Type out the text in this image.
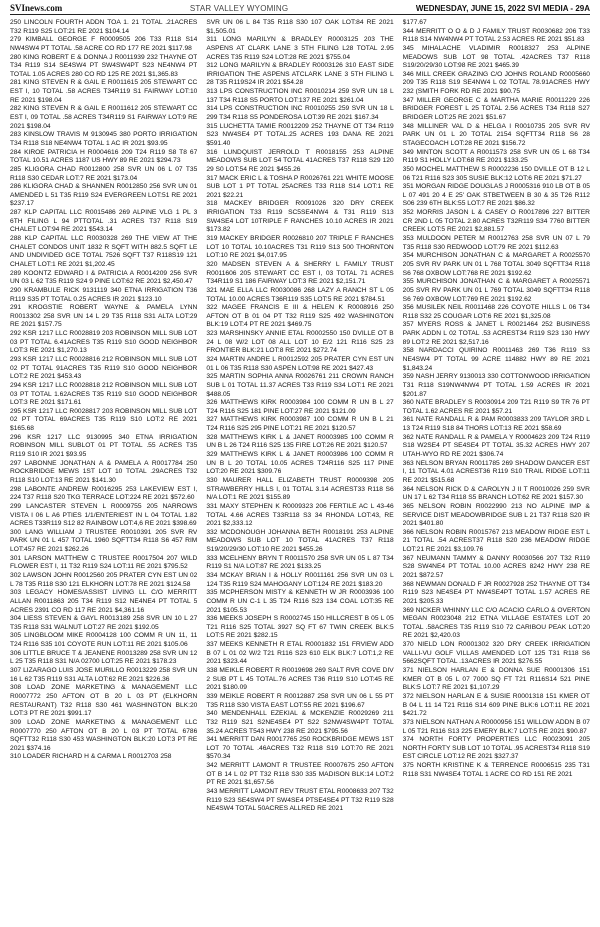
SVInews.com	STAR VALLEY WYOMING	WEDNESDAY, JUNE 15, 2022 SVI MEDIA - 29A

250 LINCOLN FOURTH ADDN TOA 1. 21 TOTAL .21ACRES T32 R119 S25 LOT:21 RE 2021 $104.14

279 KIMBALL GEORGE F R0009505 206 T33 R118 S14 NW4SW4 PT TOTAL .58 ACRE CO RD 177 RE 2021 $117.98

280 KING ROBERT E & DONNA J R0011939 232 THAYNE OT T34 R119 S14 SE4SW4 PT SW4SW4PT S23 NE4NW4 PT TOTAL 1.05 ACRES 280 CO RD 125 RE 2021 $1,365.83

281 KING STEVEN R & GAIL E R0011615 205 STEWART CC EST I, 10 TOTAL .58 ACRES T34R119 S1 FAIRWAY LOT:10 RE 2021 $198.04

282 KING STEVEN R & GAIL E R0011612 205 STEWART CC EST I, 09 TOTAL .58 ACRES T34R119 S1 FAIRWAY LOT:9 RE 2021 $198.04

283 KINSLOW TRAVIS M 9130945 380 PORTO IRRIGATION T34 R118 S18 NE4NW4 TOTAL 1 AC IR 2021 $93.95

284 KIROE PATRICIA H R0004616 209 T24 R119 S8 T8 67 TOTAL 10.51 ACRES 1187 US HWY 89 RE 2021 $294.73

285 KLIGORA CHAD R0012800 258 SVR UN 06 L 07 T35 R118 S30 CEDAR LOT:7 RE 2021 $173.04

286 KLIGORA CHAD & SHANNEN R0012850 256 SVR UN 01 AMENDED L 51 T35 R119 S24 EVERGREEN LOT:51 RE 2021 $237.17

287 KLP CAPITAL LLC R0015486 269 ALPINE VLG 1 PL 3 6TH FILING L 94 PTTOTAL .31 ACRES T37 R118 S19 CHALET LOT:94 RE 2021 $543.14

288 KLP CAPITAL LLC R0030328 269 THE VIEW AT THE CHALET CONDOS UNIT 1832 R SQFT WITH 882.5 SQFT LE AND UNDIVIDED GCE TOTAL 7526 SQFT T37 R118S19 121 CHALET LOT:1 RE 2021 $1,202.45

289 KOONTZ EDWARD I & PATRICIA A R0014209 256 SVR UN 03 L 62 T35 R119 S24 9 PINE LOT:62 RE 2021 $2,450.47

290 KRAMBULE RICK 9131119 340 ETNA IRRIGATION T36 R119 S35 PT TOTAL 0.25 ACRES IR 2021 $123.10

291 KROGSTIE ROBERT WAYNE & PAMELA LYNN R0013302 258 SVR UN 14 L 29 T35 R118 S31 ALTA LOT:29 RE 2021 $157.75

292 KSR 1217 LLC R0028819 203 ROBINSON MILL SUB LOT 03 PT TOTAL 6.41ACRES T35 R119 S10 GOOD NEIGHBOR LOT:3 RE 2021 $1,270.13

293 KSR 1217 LLC R0028816 212 ROBINSON MILL SUB LOT 02 PT TOTAL 91ACRES T35 R119 S10 GOOD NEIGHBOR LOT:2 RE 2021 $453.43

294 KSR 1217 LLC R0028818 212 ROBINSON MILL SUB LOT 03 PT TOTAL 1.62ACRES T35 R119 S10 GOOD NEIGHBOR LOT:3 RE 2021 $171.61

295 KSR 1217 LLC R0028817 203 ROBINSON MILL SUB LOT 02 PT TOTAL 69ACRES T35 R119 S10 LOT:2 RE 2021 $165.68

296 KSR 1217 LLC 9130995 340 ETNA IRRIGATION ROBINSON MILL SUBLOT 01 PT TOTAL .55 ACRES T35 R119 S10 IR 2021 $93.95

297 LABONNE JONATHAN A & PAMELA A R0017784 250 ROCKBRIDGE MEWS 1ST LOT 10 TOTAL .29ACRES T32 R118 S10 LOT:13 RE 2021 $141.30

298 LABONTE ANDREW R0016295 253 LAKEVIEW EST I, 224 T37 R118 S20 TKG TERRACE LOT:224 RE 2021 $572.60

299 LANCASTER STEVEN L R0009755 205 NARROWS VISTA I 06 L A6 PTIES 1/1/ENTERIEST IN L 04 TOTAL 1.82 ACRES T33R119 S12 82 RAINBOW LOT:4,6 RE 2021 $398.69

300 LANG WILLIAM J TRUSTEE R0010391 205 SVR RV PARK UN 01 L 457 TOTAL 1960 SQFTT34 R118 S6 457 RIM LOT:457 RE 2021 $262.26

301 LARSON MATTHEW C TRUSTEE R0017504 207 WILD FLOWER EST I, 11 T32 R119 S24 LOT:11 RE 2021 $795.52

302 LAWSON JOHN R0012560 205 PRATER CYN EST UN 02 L 78 T35 R118 S30 121 ELKHORN LOT:78 RE 2021 $124.58

303 LEGACY HOMES/ASSIST LIVING LL C/O MERRITT ALLAN R0011863 205 T34 R119 S12 NE4NE4 PT TOTAL 5 ACRES 2391 CO RD 117 RE 2021 $4,361.16

304 LIESS STEVEN & GAYL R0013189 258 SVR UN 10 L 27 T35 R118 S31 WALNUT LOT:27 RE 2021 $192.05

305 LINGBLOOM MIKE R0004128 100 COMM R UN 11, 11 T24 R116 S35 101 COYOTE RUN LOT:11 RE 2021 $105.06

306 LITTLE BRUCE T & JEANENE R0013289 258 SVR UN 12 L 25 T35 R118 S31 N/A 02700 LOT:25 RE 2021 $178.23

307 LIZARAGO LUIS JOSE MURILLO R0013229 258 SVR UN 16 L 62 T35 R119 S31 ALTA LOT:62 RE 2021 $226.36

308 LOAD ZONE MARKETING & MANAGEMENT LLC R0007772 250 AFTON OT B 20 L 03 PT (ELKHORN RESTAURANT) T32 R118 S30 461 WASHINGTON BLK:20 LOT:3 PT RE 2021 $991.17

309 LOAD ZONE MARKETING & MANAGEMENT LLC R0007770 250 AFTON OT B 20 L 03 PT TOTAL 6786 SQFTT32 R118 S30 453 WASHINGTON BLK:20 LOT:3 PT RE 2021 $374.16

310 LOADER RICHARD H & CARMA L R0012703 258

SVR UN 06 L 84 T35 R118 S30 107 OAK LOT:84 RE 2021 $1,505.01

311 LONG MARILYN & BRADLEY R0003125 203 THE ASPENS AT CLARK LANE 3 5TH FILING L28 TOTAL 2.95 ACRES T35 R119 S24 LOT:28 RE 2021 $755.04

312 LONG MARILYN & BRADLEY R0003126 310 EAST SIDE IRRIGATION THE ASPENS ATCLARK LANE 3 5TH FILING L 28 T35 R119S24 IR 2021 $54.28

313 LPS CONSTRUCTION INC R0010214 259 SVR UN 18 L 137 T34 R118 S5 PORTO LOT:137 RE 2021 $261.04

314 LPS CONSTRUCTION INC R0010255 259 SVR UN 18 L 299 T34 R118 S5 PONDEROSA LOT:39 RE 2021 $167.34

315 LUCHETTA TAMIE R0012209 252 THAYNE OT T34 R119 S23 NW4SE4 PT TOTAL.25 ACRES 193 DANA RE 2021 $591.40

316 LUNDQUIST JERROLD T R0018155 253 ALPINE MEADOWS SUB LOT 54 TOTAL 41ACRES T37 R118 S29 120 29 S0 LOT:54 RE 2021 $455.26

317 MACK ERIC L & TOSHA P R0026761 221 WHITE MOOSE SUB LOT 1 PT TOTAL 25ACRES T33 R118 S14 LOT:1 RE 2021 $22.21

318 MACKEY BRIDGER R0091026 320 DRY CREEK IRRIGATION T33 R119 SC5SE4NW4 & T31 R119 S13 SW4SE4 LOT 10TRIPLE F RANCHES 10.10 ACRES IR 2021 $173.82

319 MACKEY BRIDGER R0026810 207 TRIPLE F RANCHES LOT 10 TOTAL 10.10ACRES T31 R119 S13 500 THORNTON LOT:10 RE 2021 $4,017.95

320 MADSEN STEVEN A & SHERRY L FAMILY TRUST R0011606 205 STEWART CC EST I, 03 TOTAL 71 ACRES T34R119 S1 186 FAIRWAY LOT:3 RE 2021 $2,151.71

321 MAE ELLA LLC R0030086 268 LAZY A RANCH ST L 05 TOTAL 10.00 ACRES T36R119 S35 LOT:5 RE 2021 $784.51

322 MAGEE FRANCIS E III & HELEN K R0008916 250 AFTON OT B 01 04 PT T32 R119 S25 492 WASHINGTON BLK:19 LOT:4 PT RE 2021 $469.75

323 MARSHINSKY ANNIE ETAL R0002550 150 DVILLE OT B 24 L 08 W/2 LOT 08 ALL LOT 10 E/2 121 R116 S25 23 FRONTIER BLK:21 LOT:8 RE 2021 $272.74

324 MARTIN ANDRE L R0012592 205 PRATER CYN EST UN 01 L 06 T35 R118 S30 ASPEN LOT:98 RE 2021 $427.43

325 MARTIN SOPHIA ANNA R0026761 211 CROWN RANCH SUB L 01 TOTAL 11.37 ACRES T33 R119 S34 LOT:1 RE 2021 $488.05

326 MATTHEWS KIRK R0003984 100 COMM R UN B L 27 T24 R116 S25 181 PINE LOT:27 RE 2021 $121.09

327 MATTHEWS KIRK R0003987 100 COMM R UN B L 21 T24 R116 S25 295 PINE LOT:21 RE 2021 $120.57

328 MATTHEWS KIRK L & JANET R0003985 100 COMM R UN B L 26 T24 R116 S25 135 FIRE LOT:26 RE 2021 $120.57

329 MATTHEWS KIRK L & JANET R0003986 100 COMM R UN B L 20 TOTAL 10.05 ACRES T24R116 S25 117 PINE LOT:20 RE 2021 $309.76

330 MAURER HALL ELIZABETH TRUST R0009398 205 STRAWBERRY HILLS I, 01 TOTAL 3.14 ACREST33 R118 S6 N/A LOT:1 RE 2021 $155.89

331 MAXY STEPHEN K R0009323 206 FERTILE AC L 43-46 TOTAL 4.66 ACRES T33R118 S3 34 RHONDA LOT:43, RE 2021 $2,333.12

332 MCDONOUGH JOHANNA BETH R0018191 253 ALPINE MEADOWS SUB LOT 10 TOTAL 41ACRES T37 R118 S19/20/29/30 LOT:10 RE 2021 $455.26

333 MCELHENY BRYN T R0011570 258 SVR UN 05 L 87 T34 R119 S1 N/A LOT:87 RE 2021 $133.25

334 MCKAY BRIAN I & HOLLY R0011161 256 SVR UN 03 L 124 T35 R119 S24 MAHOGANY LOT:124 RE 2021 $183.20

335 MCPHERSON MISTY & KENNETH W JR R0003936 100 COMM R UN C-1 L 35 T24 R116 S23 134 COAL LOT:35 RE 2021 $105.53

336 MEEKS JOSEPH S R0002745 150 HILLCREST B 05 L 05 T21 R116 S25 TOTAL 3927 SQ FT 67 TWIN CREEK BLK:5 LOT:5 RE 2021 $282.15

337 MEEKS KENNETH R ETAL R0001832 151 FRVIEW ADD B 07 L 01 02 W/2 T21 R116 S23 610 ELK BLK:7 LOT:1,2 RE 2021 $323.44

338 MEIKLE ROBERT R R0019698 269 SALT RVR COVE DIV 2 SUB PT L 45 TOTAL.76 ACRES T36 R119 S10 LOT:45 RE 2021 $180.09

339 MEIKLE ROBERT R R0012887 258 SVR UN 06 L 55 PT T35 R118 S30 VISTA EAST LOT:55 RE 2021 $196.67

340 MENDENHALL EZEKIAL & MCKENZIE R0029269 211 T32 R119 S21 S2NE4SE4 PT S22 S2NW4SW4PT TOTAL 35.24 ACRES T543 HWY 238 RE 2021 $795.56

341 MERRITT DAN R0017765 250 ROCKBRIDGE MEWS 1ST LOT 70 TOTAL .46ACRES T32 R118 S19 LOT:70 RE 2021 $570.34

342 MERRITT LAMONT R TRUSTEE R0007675 250 AFTON OT B 14 L 02 PT T32 R118 S30 335 MADISON BLK:14 LOT:2 PT RE 2021 $1,657.56

343 MERRITT LAMONT REV TRUST ETAL R0008633 207 T32 R119 S23 SE4SW4 PT SW4SE4 PTSE4SE4 PT T32 R119 S28 NE4SW4 TOTAL 50ACRES ALLRED RE 2021

$177.67

344 MERRITT O O & D J FAMILY TRUST R0030682 206 T33 R118 S14 NW4NW4 PT TOTAL 2.53 ACRES RE 2021 $51.83

345 MIHALACHE VLADIMIR R0018327 253 ALPINE MEADOWS SUB LOT 98 TOTAL .42ACRES T37 R118 S19/20/29/30 LOT:98 RE 2021 $465.39

346 MILL CREEK GRAZING C/O JOHNS ROLAND R0005660 209 T35 R118 S19 SE4NW4 L 02 TOTAL 78.91ACRES HWY 232 (SMITH FORK RD RE 2021 $90.75

347 MILLER GEORGE C & MARTHA MARIE R0011229 226 BRIDGER FOREST L 25 TOTAL 2.56 ACRES T34 R118 S27 BRIDGER LOT:25 RE 2021 $51.67

348 MILLINER VAL D & HELGA I R0010735 205 SVR RV PARK UN 01 L 20 TOTAL 2154 SQFTT34 R118 S6 28 STAGECOACH LOT:28 RE 2021 $156.72

349 MINTON SCOTT A R0011573 258 SVR UN 05 L 68 T34 R119 S1 HOLLY LOT:68 RE 2021 $133.25

350 MOCHEL MATTHEW S R0002236 150 DVILLE OT B 12 L 06 T21 R116 S23 305 SUSIE BLK:12 LOT:6 RE 2021 $71.27

351 MORGAN RIDGE DOUGLAS J R0005316 910 LB OT B 05 L 07 491 20 4 E 25' OAK STBETWEEN B 30 & 35 T26 R112 S06 239 6TH BLK:55 LOT:7 RE 2021 $86.32

352 MORRIS JASON L & CASEY O R0017896 227 BITTER CR 2ND L 05 TOTAL 2.80 ACRES T32R119 S34 7760 BITTER CREEK LOT:5 RE 2021 $2,881.57

353 MULDOON PETER M R0012763 258 SVR UN 07 L 79 T35 R118 S30 REDWOOD LOT:79 RE 2021 $112.63

354 MURCHISON JONATHAN C & MARGARET A R0025570 205 SVR RV PARK UN 01 L 768 TOTAL 3049 SQFTT34 R118 S6 768 OXBOW LOT:768 RE 2021 $192.62

355 MURCHISON JONATHAN C & MARGARET A R0025571 205 SVR RV PARK UN 01 L 769 TOTAL 3049 SQFTT34 R118 S6 769 OXBOW LOT:769 RE 2021 $192.62

356 MUSILEK NEIL R0011468 226 COYOTE HILLS L 06 T34 R118 S32 25 COUGAR LOT:6 RE 2021 $1,325.08

357 MYERS ROSS & JANET L R0021464 252 BUSINESS PARK ADDN L 02 TOTAL .53 ACREST34 R119 S23 130 HWY 89 LOT:2 RE 2021 $2,517.16

358 NARDACCI QUIRINO R0011463 269 T36 R119 S3 NE4SW4 PT TOTAL 99 ACRE 114882 HWY 89 RE 2021 $1,843.24

359 NASH JERRY 9130013 330 COTTONWOOD IRRIGATION T31 R118 S19NW4NW4 PT TOTAL 1.59 ACRES IR 2021 $201.87

360 NATE BRADLEY S R0030914 209 T21 R119 S9 TR 76 PT TOTAL 1.62 ACRES RE 2021 $57.21

361 NATE RANDALL R & PAM R0003833 209 TAYLOR 3RD L 13 T24 R119 S18 84 THORS LOT:13 RE 2021 $58.69

362 NATE RANDALL R & PAMELA Y R0004623 209 T24 R119 S18 W2SE4 PT SE4SE4 PT TOTAL 35.32 ACRES HWY 207 UTAH-WYO RD RE 2021 $306.74

363 NELSON BRYAN R0011785 269 SHADOW DANCER EST I, 11 TOTAL 4.01 ACREST36 R119 S10 TRAIL RIDGE LOT:11 RE 2021 $515.68

364 NELSON RICK D & CAROLYN J II T R0010026 259 SVR UN 17 L 62 T34 R118 S5 BRANCH LOT:62 RE 2021 $157.30

365 NELSON ROBIN R0022990 213 NO ALPINE IMP & SERVICE DIST MEADOWBRIDGE SUB L 21 T37 R118 S20 IR 2021 $401.80

366 NELSON ROBIN R0015767 213 MEADOW RIDGE EST L 21 TOTAL .54 ACREST37 R118 S20 236 MEADOW RIDGE LOT:21 RE 2021 $3,109.76

367 NEUMANN TAMMY & DANNY R0030566 207 T32 R119 S28 SW4NE4 PT TOTAL 10.00 ACRES 8242 HWY 238 RE 2021 $872.57

368 NEWMAN DONALD F JR R0027928 252 THAYNE OT T34 R119 S23 NE4SE4 PT NW4SE4PT TOTAL 1.57 ACRES RE 2021 $205.33

369 NICKER WHINNY LLC C/O ACACIO CARLO & OVERTON MEGAN R0023048 212 ETNA VILLAGE ESTATES LOT 20 TOTAL .58ACRES T35 R119 S10 72 CARIBOU PEAK LOT:20 RE 2021 $2,420.03

370 NIELD LON R0001302 320 DRY CREEK IRRIGATION VALLI-VU GOLF VILLAS AMENDED LOT 125 T31 R118 S6 5662SQFT TOTAL .13ACRES IR 2021 $276.55

371 NIELSON HARLAN E & DONNA SUE R0001306 151 KMER OT B 05 L 07 7000 SQ FT T21 R116S14 521 PINE BLK:5 LOT:7 RE 2021 $1,107.29

372 NIELSON HARLAN E & SUSIE R0001318 151 KMER OT B 04 L 11 14 T21 R116 S14 609 PINE BLK:6 LOT:11 RE 2021 $421.72

373 NIELSON NATHAN A R0000956 151 WILLOW ADDN B 07 L 05 T21 R116 S13 225 EMERY BLK:7 LOT:5 RE 2021 $90.87

374 NORTH FORTY PROPERTIES LLC R0023091 205 NORTH FORTY SUB LOT 10 TOTAL .95 ACREST34 R118 S19 EST CIRCLE LOT:12 RE 2021 $327.37

375 NORTH KRISTINE K & TERRENCE R0006515 235 T31 R118 S31 NW4SE4 TOTAL 1 ACRE CO RD 151 RE 2021
